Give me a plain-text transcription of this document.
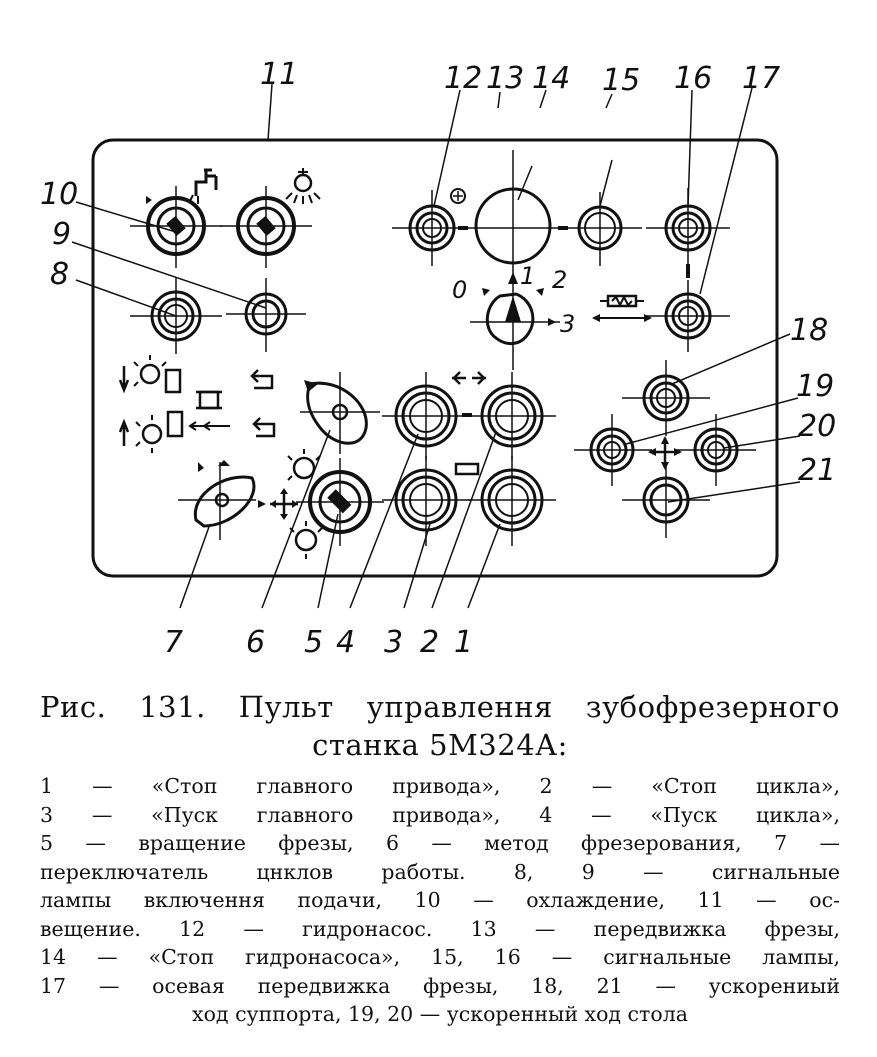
0 1 2
3
1
2
3
4
5
6
7
8
9
10
11	12 13 14 15 16 17
18
19
20
21

Рис. 131. Пульт управлення зубофрезерного
станка 5М324А:

1 — «Стоп главного привода», 2 — «Стоп цикла»,
3 — «Пуск главного привода», 4 — «Пуск цикла»,
5 — вращение фрезы, 6 — метод фрезерования, 7 —
переключатель цнклов работы. 8, 9 — сигнальные
лампы включення подачи, 10 — охлаждение, 11 — ос-
вещение. 12 — гидронасос. 13 — передвижка фрезы,
14 — «Стоп гидронасоса», 15, 16 — сигнальные лампы,
17 — осевая передвижка фрезы, 18, 21 — ускорениый
ход суппорта, 19, 20 — ускоренный ход стола
